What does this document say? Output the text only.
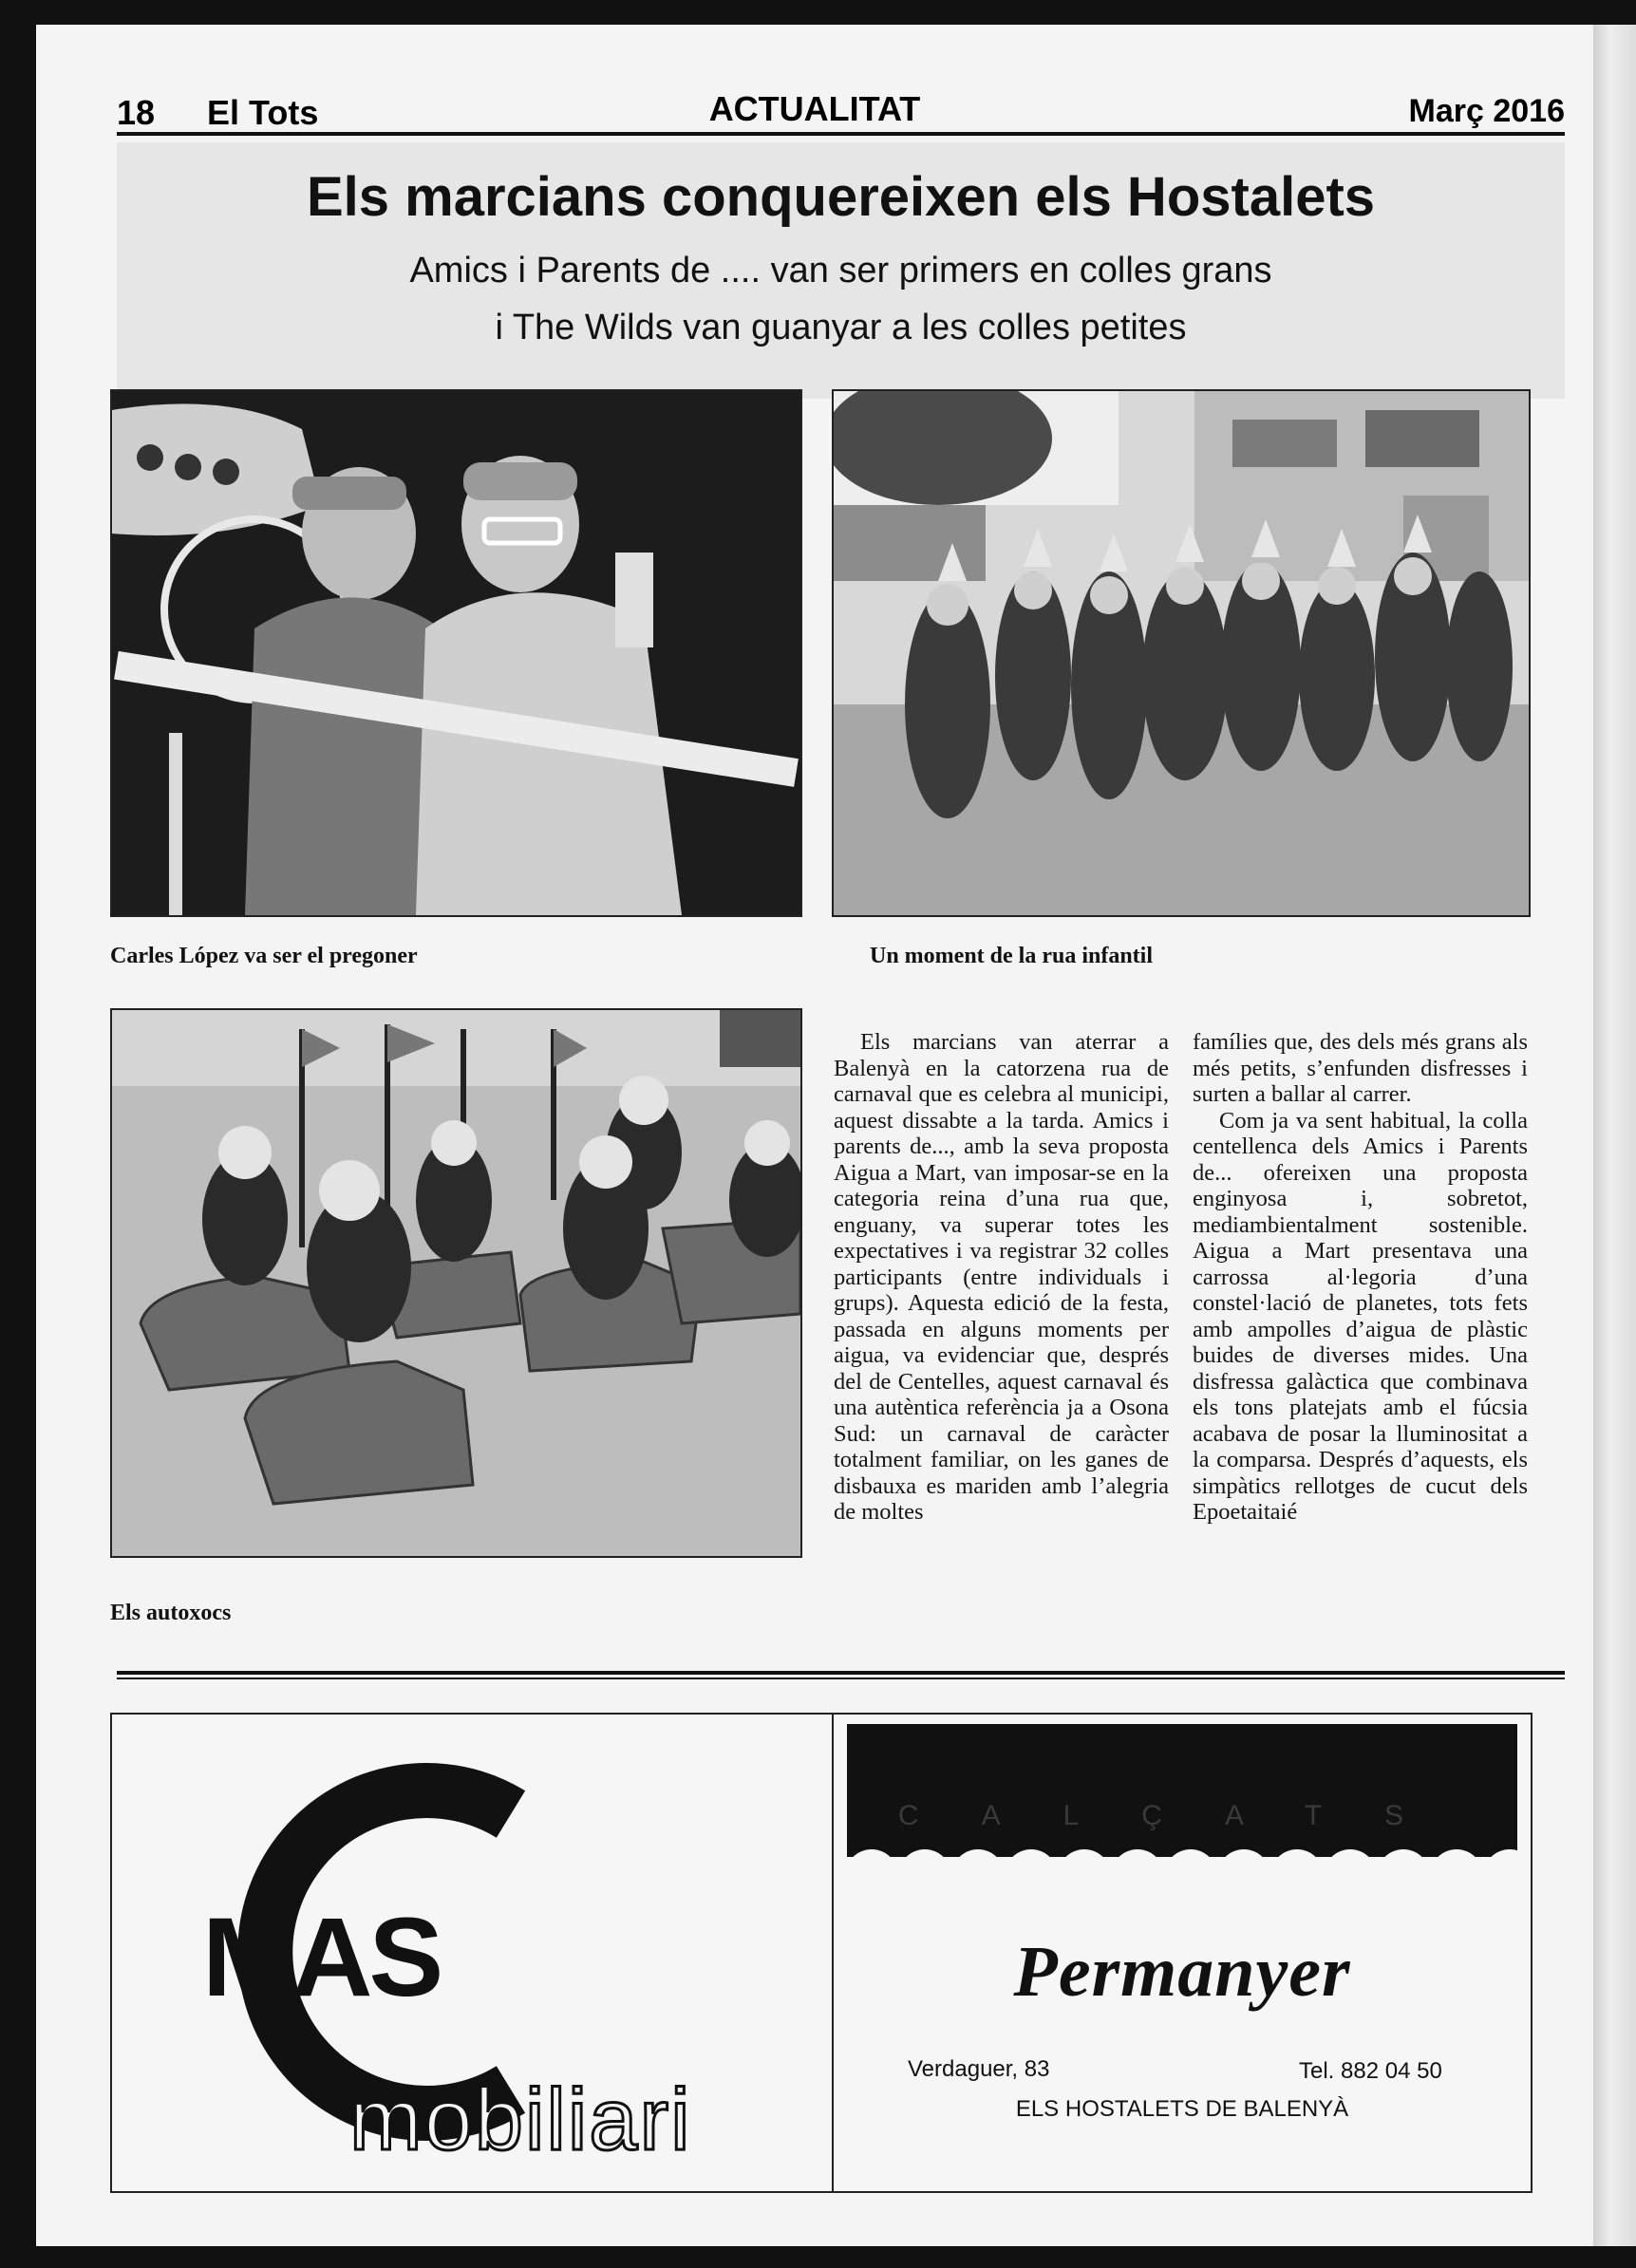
18 El Tots	ACTUALITAT	Març 2016
Els marcians conquereixen els Hostalets
Amics i Parents de .... van ser primers en colles grans
i The Wilds van guanyar a les colles petites
Carles López va ser el pregoner	Un moment de la rua infantil
Els autoxocs

Els marcians van aterrar a Balenyà en la catorzena rua de carnaval que es celebra al municipi, aquest dissabte a la tarda. Amics i parents de..., amb la seva proposta Aigua a Mart, van imposar-se en la categoria reina d’una rua que, enguany, va superar totes les expectatives i va registrar 32 colles participants (entre individuals i grups). Aquesta edició de la festa, passada en alguns moments per aigua, va evidenciar que, després del de Centelles, aquest carnaval és una autèntica referència ja a Osona Sud: un carnaval de caràcter totalment familiar, on les ganes de disbauxa es mariden amb l’alegria de moltes

famílies que, des dels més grans als més petits, s’enfunden disfresses i surten a ballar al carrer.

Com ja va sent habitual, la colla centellenca dels Amics i Parents de... ofereixen una proposta enginyosa i, sobretot, mediambientalment sostenible. Aigua a Mart presentava una carrossa al·legoria d’una constel·lació de planetes, tots fets amb ampolles d’aigua de plàstic buides de diverses mides. Una disfressa galàctica que combinava els tons platejats amb el fúcsia acabava de posar la lluminositat a la comparsa. Després d’aquests, els simpàtics rellotges de cucut dels Epoetaitaié

MAS
®
mobiliari
CALÇATS
Permanyer
Verdaguer, 83	Tel. 882 04 50
ELS HOSTALETS DE BALENYÀ
